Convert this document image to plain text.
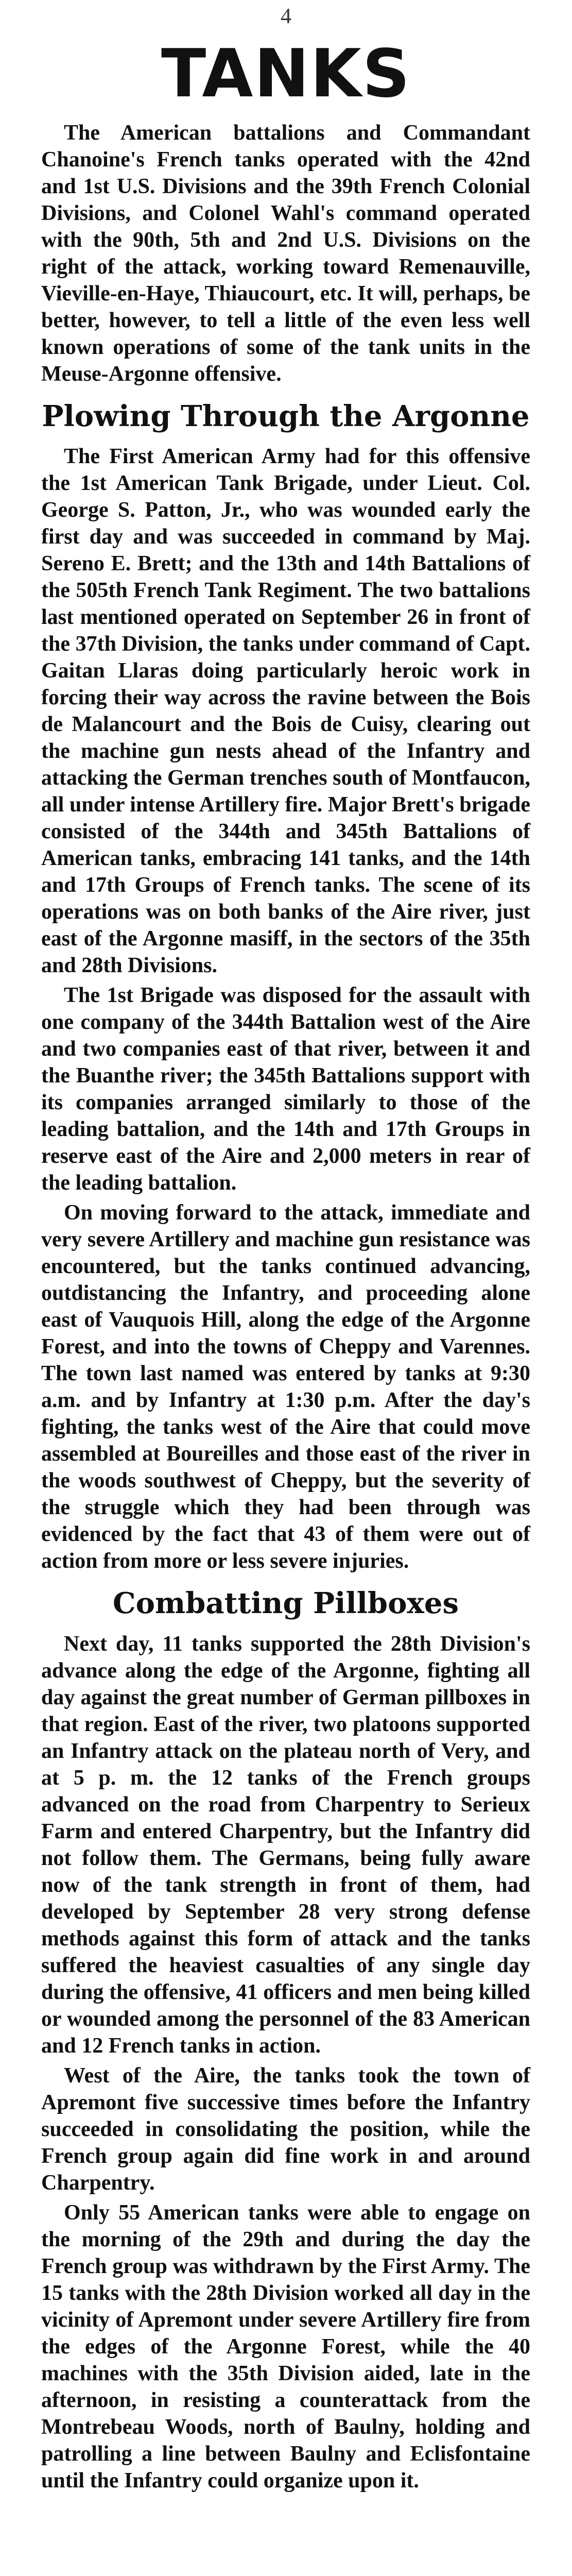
4
TANKS

The American battalions and Commandant Chanoine's French tanks operated with the 42nd and 1st U.S. Divisions and the 39th French Colonial Divisions, and Colonel Wahl's command operated with the 90th, 5th and 2nd U.S. Divisions on the right of the attack, working toward Remenauville, Vieville-en-Haye, Thiaucourt, etc. It will, perhaps, be better, however, to tell a little of the even less well known operations of some of the tank units in the Meuse-Argonne offensive.

Plowing Through the Argonne

The First American Army had for this offensive the 1st American Tank Brigade, under Lieut. Col. George S. Patton, Jr., who was wounded early the first day and was succeeded in command by Maj. Sereno E. Brett; and the 13th and 14th Battalions of the 505th French Tank Regiment. The two battalions last mentioned operated on September 26 in front of the 37th Division, the tanks under command of Capt. Gaitan Llaras doing particularly heroic work in forcing their way across the ravine between the Bois de Malancourt and the Bois de Cuisy, clearing out the machine gun nests ahead of the Infantry and attacking the German trenches south of Montfaucon, all under intense Artillery fire. Major Brett's brigade consisted of the 344th and 345th Battalions of American tanks, embracing 141 tanks, and the 14th and 17th Groups of French tanks. The scene of its operations was on both banks of the Aire river, just east of the Argonne masiff, in the sectors of the 35th and 28th Divisions.

The 1st Brigade was disposed for the assault with one company of the 344th Battalion west of the Aire and two companies east of that river, between it and the Buanthe river; the 345th Battalions support with its companies arranged similarly to those of the leading battalion, and the 14th and 17th Groups in reserve east of the Aire and 2,000 meters in rear of the leading battalion.

On moving forward to the attack, immediate and very severe Artillery and machine gun resistance was encountered, but the tanks continued advancing, outdistancing the Infantry, and proceeding alone east of Vauquois Hill, along the edge of the Argonne Forest, and into the towns of Cheppy and Varennes. The town last named was entered by tanks at 9:30 a.m. and by Infantry at 1:30 p.m. After the day's fighting, the tanks west of the Aire that could move assembled at Boureilles and those east of the river in the woods southwest of Cheppy, but the severity of the struggle which they had been through was evidenced by the fact that 43 of them were out of action from more or less severe injuries.

Combatting Pillboxes

Next day, 11 tanks supported the 28th Division's advance along the edge of the Argonne, fighting all day against the great number of German pillboxes in that region. East of the river, two platoons supported an Infantry attack on the plateau north of Very, and at 5 p. m. the 12 tanks of the French groups advanced on the road from Charpentry to Serieux Farm and entered Charpentry, but the Infantry did not follow them. The Germans, being fully aware now of the tank strength in front of them, had developed by September 28 very strong defense methods against this form of attack and the tanks suffered the heaviest casualties of any single day during the offensive, 41 officers and men being killed or wounded among the personnel of the 83 American and 12 French tanks in action.

West of the Aire, the tanks took the town of Apremont five successive times before the Infantry succeeded in consolidating the position, while the French group again did fine work in and around Charpentry.

Only 55 American tanks were able to engage on the morning of the 29th and during the day the French group was withdrawn by the First Army. The 15 tanks with the 28th Division worked all day in the vicinity of Apremont under severe Artillery fire from the edges of the Argonne Forest, while the 40 machines with the 35th Division aided, late in the afternoon, in resisting a counterattack from the Montrebeau Woods, north of Baulny, holding and patrolling a line between Baulny and Eclisfontaine until the Infantry could organize upon it.
